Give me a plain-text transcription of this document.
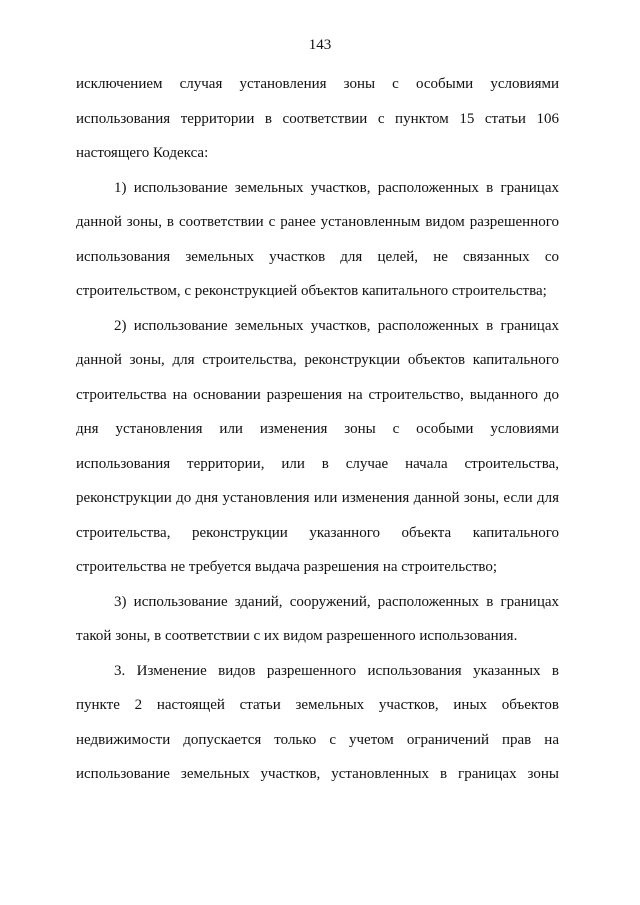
143
исключением случая установления зоны с особыми условиями
использования территории в соответствии с пунктом 15 статьи 106
настоящего Кодекса:
1) использование земельных участков, расположенных в границах
данной зоны, в соответствии с ранее установленным видом разрешенного
использования земельных участков для целей, не связанных со
строительством, с реконструкцией объектов капитального строительства;
2) использование земельных участков, расположенных в границах
данной зоны, для строительства, реконструкции объектов капитального
строительства на основании разрешения на строительство, выданного до
дня установления или изменения зоны с особыми условиями
использования территории, или в случае начала строительства,
реконструкции до дня установления или изменения данной зоны, если для
строительства, реконструкции указанного объекта капитального
строительства не требуется выдача разрешения на строительство;
3) использование зданий, сооружений, расположенных в границах
такой зоны, в соответствии с их видом разрешенного использования.
3. Изменение видов разрешенного использования указанных в
пункте 2 настоящей статьи земельных участков, иных объектов
недвижимости допускается только с учетом ограничений прав на
использование земельных участков, установленных в границах зоны
